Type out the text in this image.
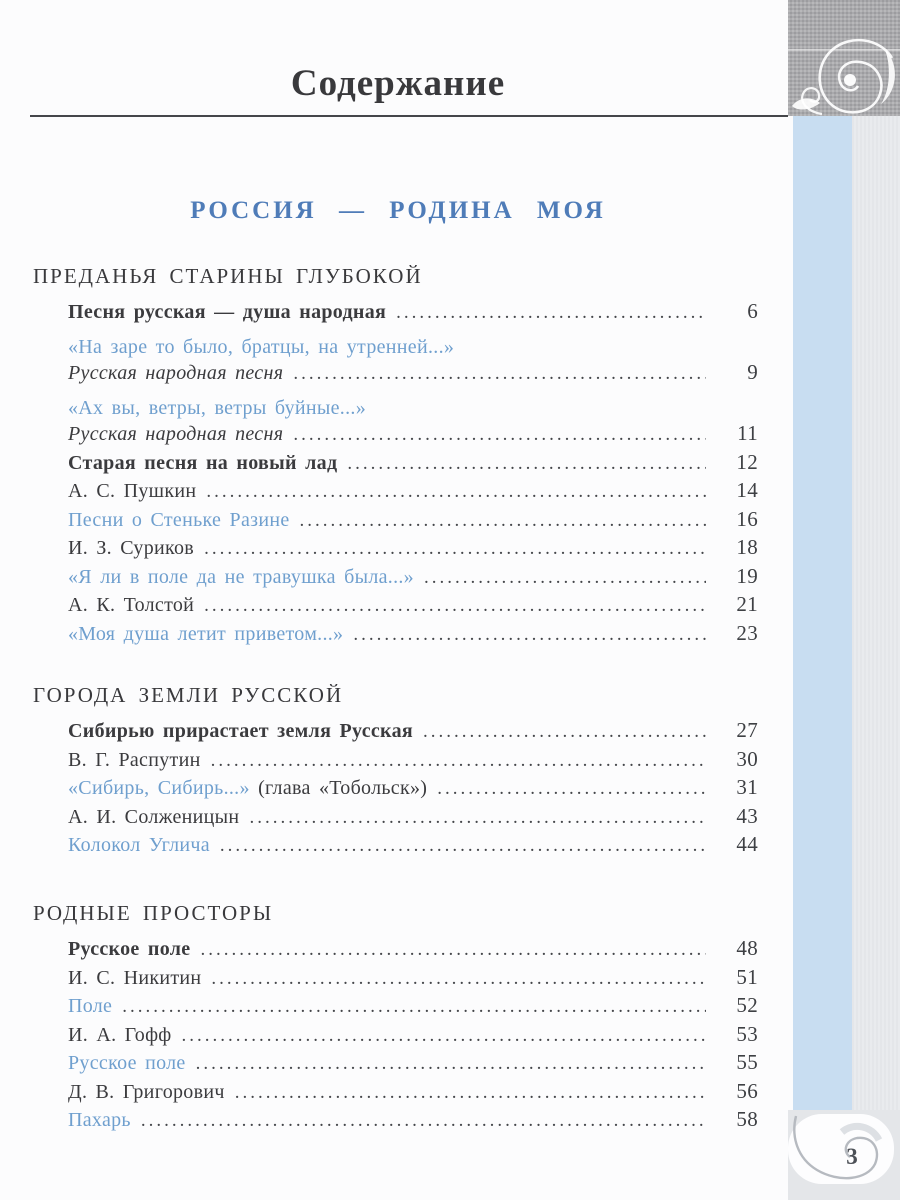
3
Содержание
РОССИЯ — РОДИНА МОЯ
ПРЕДАНЬЯ СТАРИНЫ ГЛУБОКОЙ
Песня русская — душа народная .....	6
«На заре то было, братцы, на утренней...»
Русская народная песня .....	9
«Ах вы, ветры, ветры буйные...»
Русская народная песня .....	11
Старая песня на новый лад .....	12
А. С. Пушкин .....	14
Песни о Стеньке Разине .....	16
И. З. Суриков .....	18
«Я ли в поле да не травушка была...» .....	19
А. К. Толстой .....	21
«Моя душа летит приветом...» .....	23
ГОРОДА ЗЕМЛИ РУССКОЙ
Сибирью прирастает земля Русская .....	27
В. Г. Распутин .....	30
«Сибирь, Сибирь...» (глава «Тобольск») .....	31
А. И. Солженицын .....	43
Колокол Углича .....	44
РОДНЫЕ ПРОСТОРЫ
Русское поле .....	48
И. С. Никитин .....	51
Поле .....	52
И. А. Гофф .....	53
Русское поле .....	55
Д. В. Григорович .....	56
Пахарь .....	58
